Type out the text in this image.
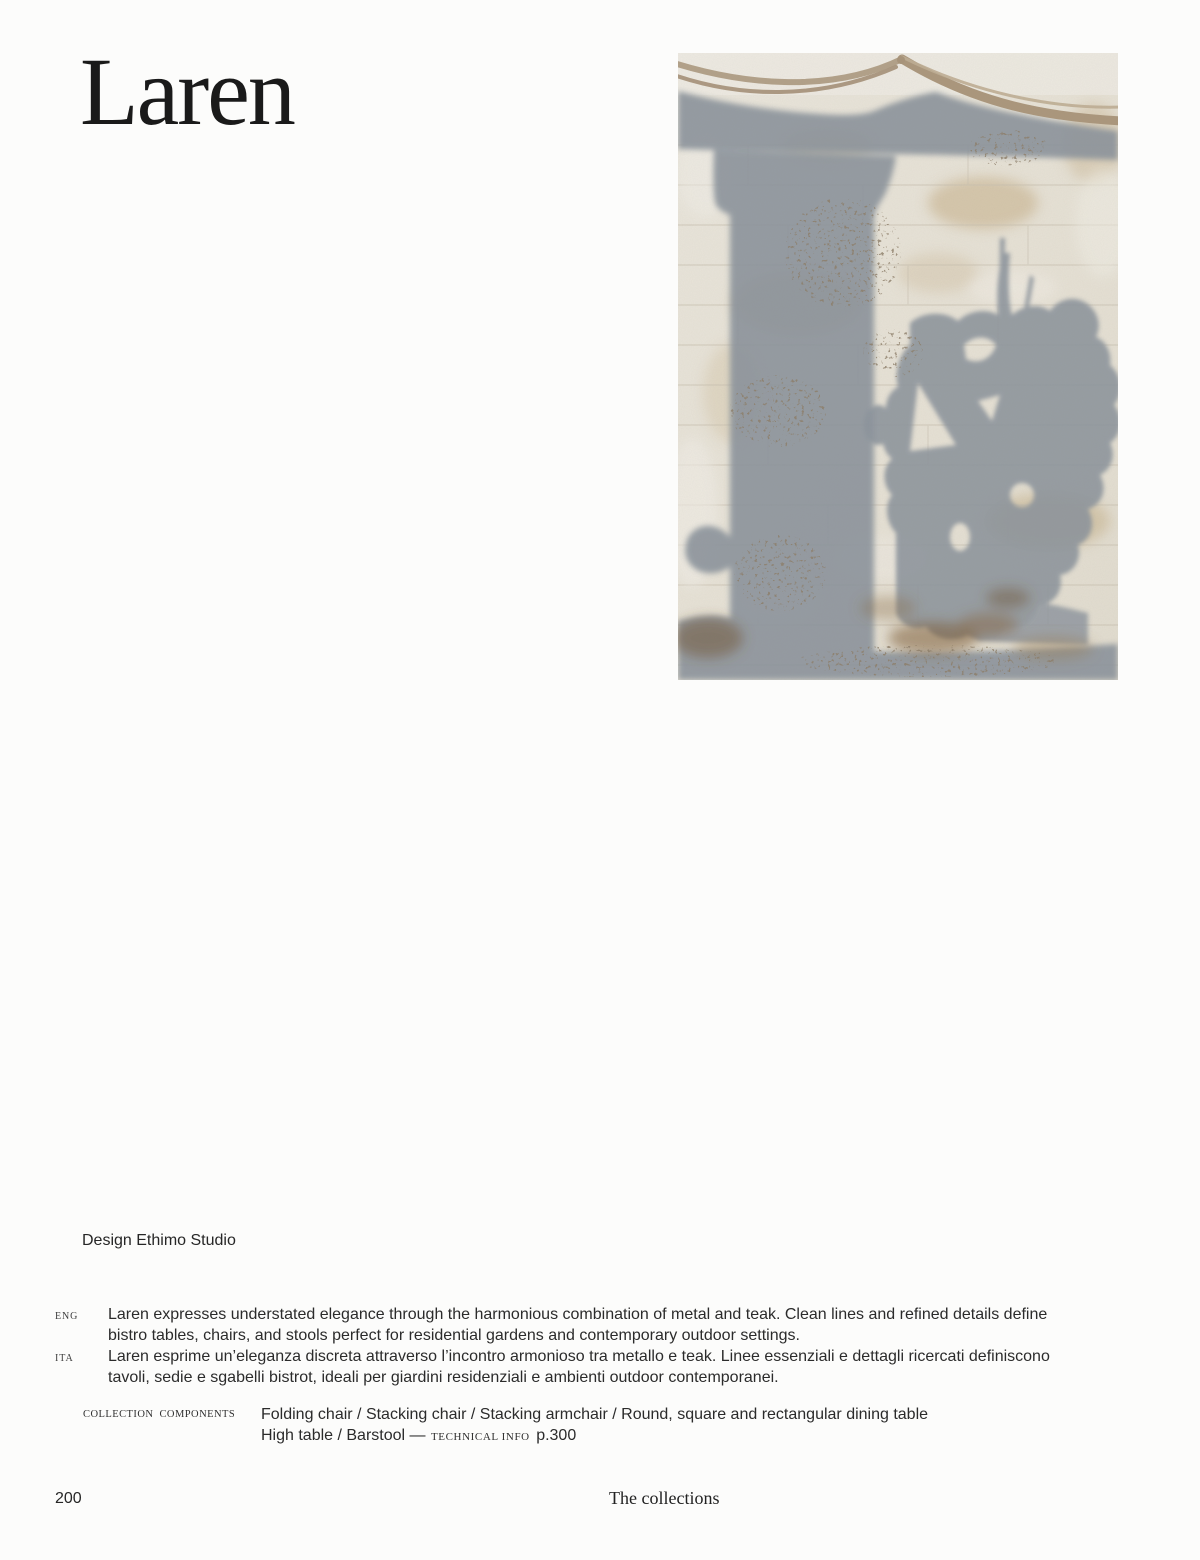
Laren
Design Ethimo Studio
ENG
ITA
Laren expresses understated elegance through the harmonious combination of metal and teak. Clean lines and refined details define
bistro tables, chairs, and stools perfect for residential gardens and contemporary outdoor settings.
Laren esprime un’eleganza discreta attraverso l’incontro armonioso tra metallo e teak. Linee essenziali e dettagli ricercati definiscono
tavoli, sedie e sgabelli bistrot, ideali per giardini residenziali e ambienti outdoor contemporanei.
COLLECTION COMPONENTS Folding chair / Stacking chair / Stacking armchair / Round, square and rectangular dining table
High table / Barstool — TECHNICAL INFO p.300
200	The collections
